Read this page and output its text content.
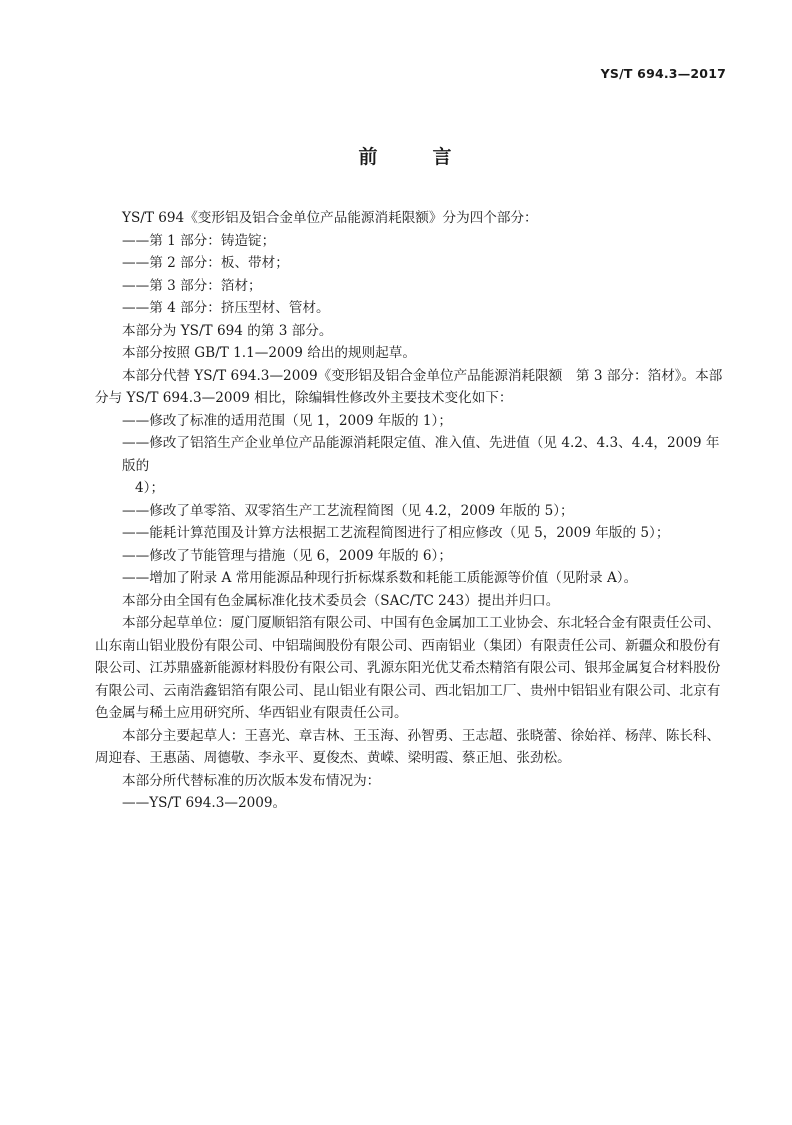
YS/T 694.3—2017
前　言

YS/T 694《变形铝及铝合金单位产品能源消耗限额》分为四个部分：

——第 1 部分：铸造锭；

——第 2 部分：板、带材；

——第 3 部分：箔材；

——第 4 部分：挤压型材、管材。

本部分为 YS/T 694 的第 3 部分。

本部分按照 GB/T 1.1—2009 给出的规则起草。

本部分代替 YS/T 694.3—2009《变形铝及铝合金单位产品能源消耗限额　第 3 部分：箔材》。本部分与 YS/T 694.3—2009 相比，除编辑性修改外主要技术变化如下：

——修改了标准的适用范围（见 1，2009 年版的 1）；

——修改了铝箔生产企业单位产品能源消耗限定值、准入值、先进值（见 4.2、4.3、4.4，2009 年版的

4）；

——修改了单零箔、双零箔生产工艺流程简图（见 4.2，2009 年版的 5）；

——能耗计算范围及计算方法根据工艺流程简图进行了相应修改（见 5，2009 年版的 5）；

——修改了节能管理与措施（见 6，2009 年版的 6）；

——增加了附录 A 常用能源品种现行折标煤系数和耗能工质能源等价值（见附录 A）。

本部分由全国有色金属标准化技术委员会（SAC/TC 243）提出并归口。

本部分起草单位：厦门厦顺铝箔有限公司、中国有色金属加工工业协会、东北轻合金有限责任公司、山东南山铝业股份有限公司、中铝瑞闽股份有限公司、西南铝业（集团）有限责任公司、新疆众和股份有限公司、江苏鼎盛新能源材料股份有限公司、乳源东阳光优艾希杰精箔有限公司、银邦金属复合材料股份有限公司、云南浩鑫铝箔有限公司、昆山铝业有限公司、西北铝加工厂、贵州中铝铝业有限公司、北京有色金属与稀土应用研究所、华西铝业有限责任公司。

本部分主要起草人：王喜光、章吉林、王玉海、孙智勇、王志超、张晓蕾、徐始祥、杨萍、陈长科、周迎春、王惠菡、周德敬、李永平、夏俊杰、黄嵘、梁明霞、蔡正旭、张劲松。

本部分所代替标准的历次版本发布情况为：

——YS/T 694.3—2009。
